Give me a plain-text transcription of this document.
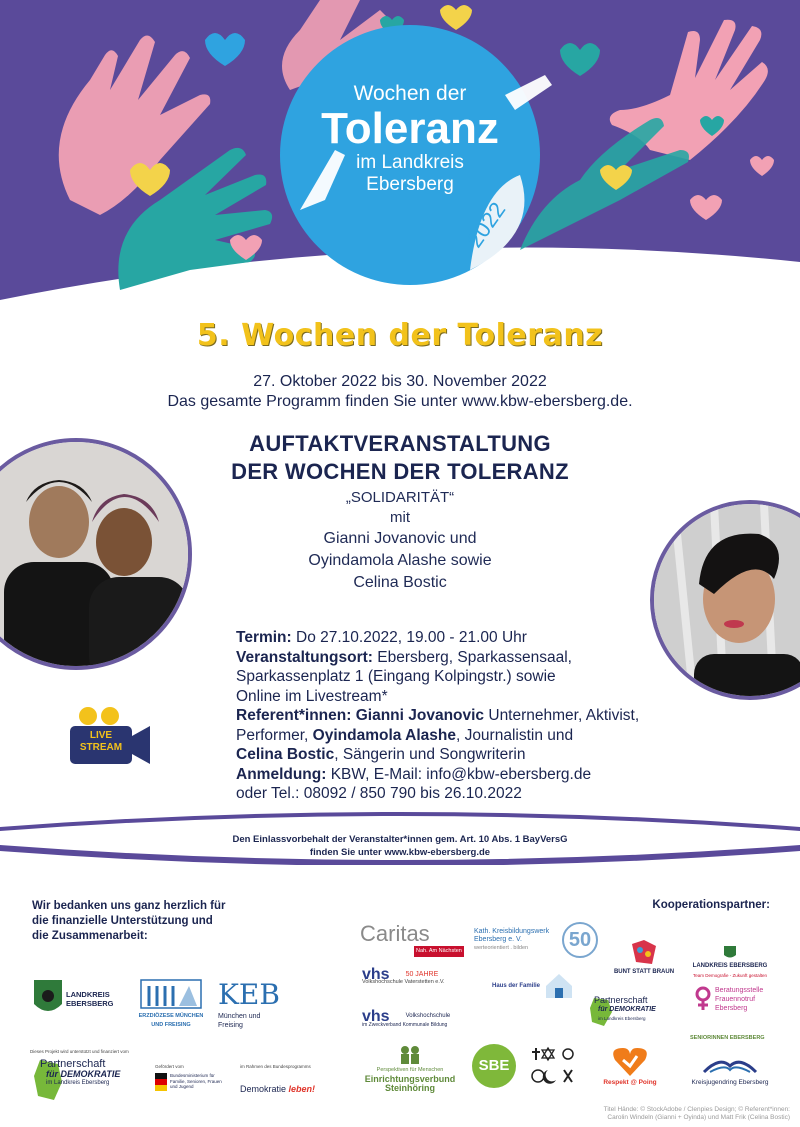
Wochen der
Toleranz
im Landkreis
Ebersberg
2022
5. Wochen der Toleranz
27. Oktober 2022 bis 30. November 2022
Das gesamte Programm finden Sie unter www.kbw-ebersberg.de.
AUFTAKTVERANSTALTUNG
DER WOCHEN DER TOLERANZ
„SOLIDARITÄT“
mit
Gianni Jovanovic und
Oyindamola Alashe sowie
Celina Bostic
Termin: Do 27.10.2022, 19.00 - 21.00 Uhr
Veranstaltungsort: Ebersberg, Sparkassensaal,
Sparkassenplatz 1 (Eingang Kolpingstr.) sowie
Online im Livestream*
Referent*innen: Gianni Jovanovic Unternehmer, Aktivist,
Performer, Oyindamola Alashe, Journalistin und
Celina Bostic, Sängerin und Songwriterin
Anmeldung: KBW, E-Mail: info@kbw-ebersberg.de
oder Tel.: 08092 / 850 790 bis 26.10.2022
LIVE
STREAM
Den Einlassvorbehalt der Veranstalter*innen gem. Art. 10 Abs. 1 BayVersG
finden Sie unter www.kbw-ebersberg.de
Wir bedanken uns ganz herzlich für
die finanzielle Unterstützung und
die Zusammenarbeit:
Kooperationspartner:
LANDKREIS
EBERSBERG
ERZDIÖZESE MÜNCHEN UND FREISING
KEB München und Freising
Dieses Projekt wird unterstützt und finanziert vom
Partnerschaft
für DEMOKRATIE
im Landkreis Ebersberg
Gefördert vom
Bundesministerium für Familie, Senioren, Frauen und Jugend
im Rahmen des Bundesprogramms
Demokratie leben!
Caritas
Nah. Am Nächsten
Kath. Kreisbildungswerk Ebersberg e. V.
werteorientiert . bilden	50
BUNT STATT BRAUN
LANDKREIS EBERSBERG
Team Demografie - Zukunft gestalten
vhs	50 JAHRE
Volkshochschule Vaterstetten e.V.
Haus der Familie
vhs	Volkshochschule
im Zweckverband Kommunale Bildung
Partnerschaft
für DEMOKRATIE
im Landkreis Ebersberg
Beratungsstelle
Frauennotruf
Ebersberg
SENIORINNEN EBERSBERG
Perspektiven für Menschen
Einrichtungsverbund
Steinhöring
SBE
Respekt @ Poing	Kreisjugendring Ebersberg
Titel Hände: © StockAdobe / Clenpies Design; © Referent*innen:
Carolin Windeln (Gianni + Oyinda) und Matt Frik (Celina Bostic)
